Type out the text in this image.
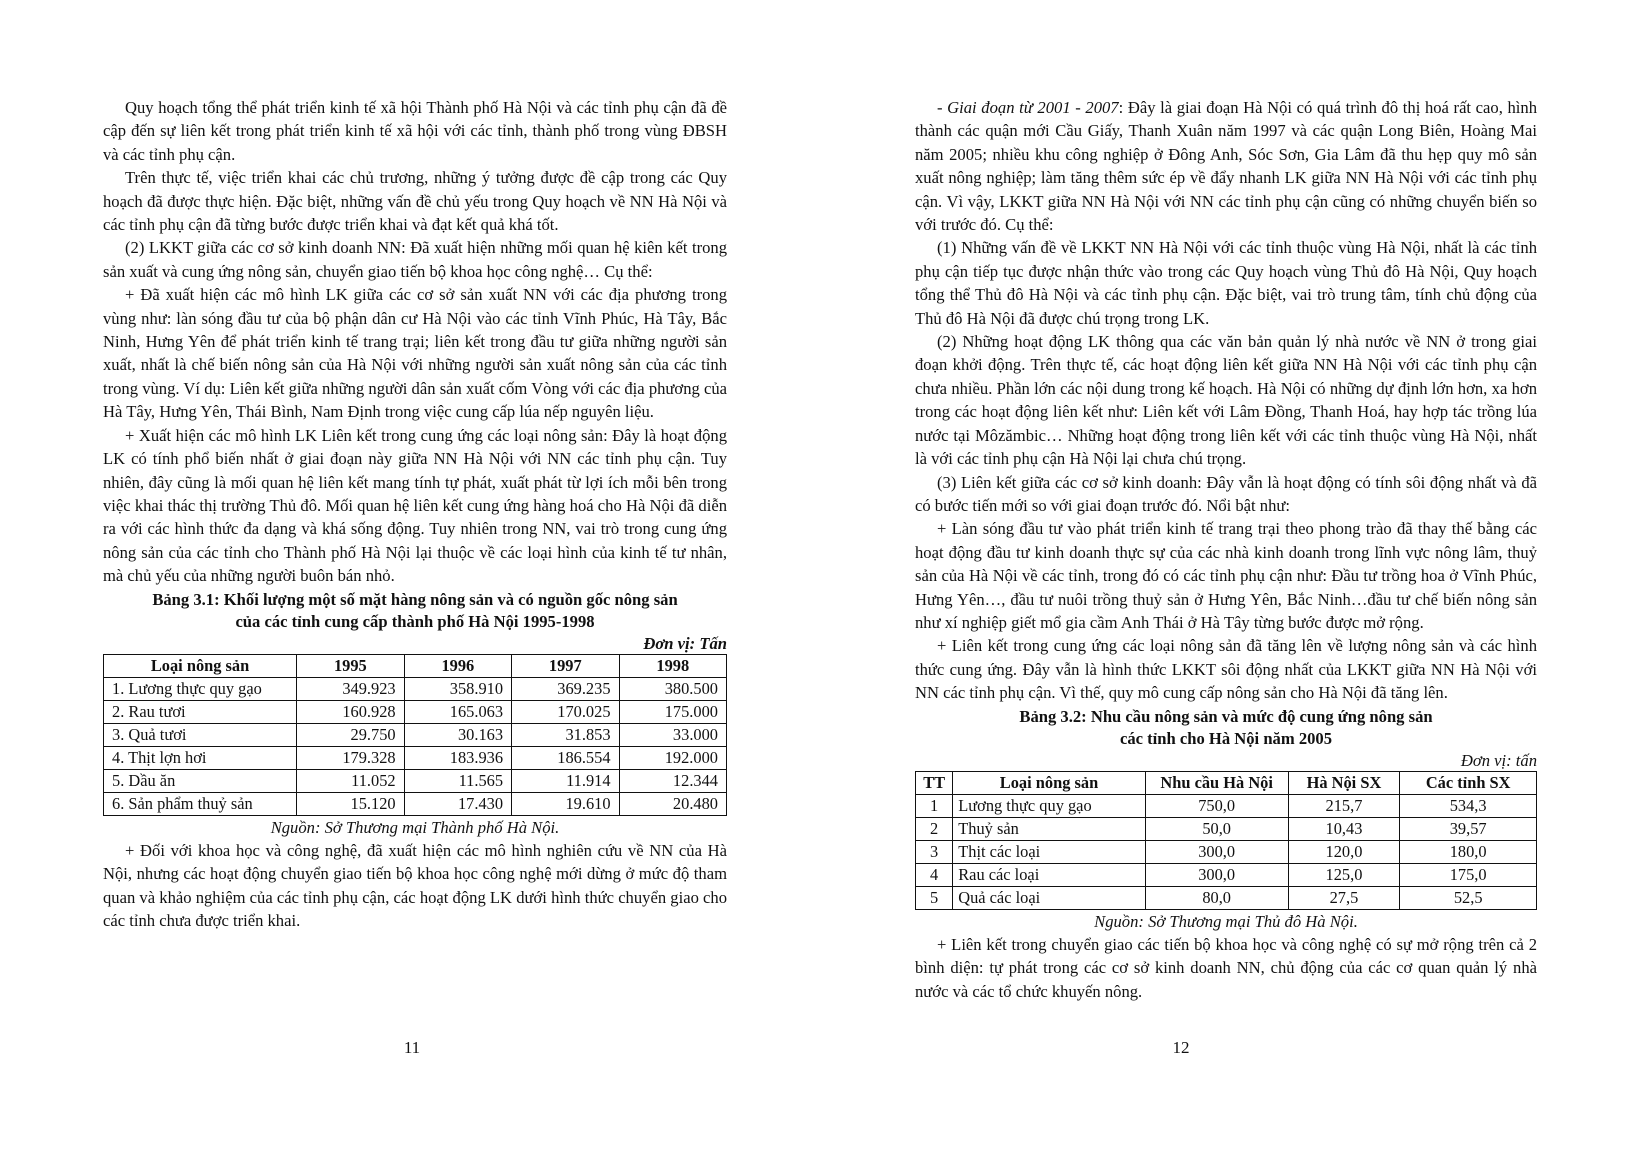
Quy hoạch tổng thể phát triển kinh tế xã hội Thành phố Hà Nội và các tỉnh phụ cận đã đề cập đến sự liên kết trong phát triển kinh tế xã hội với các tỉnh, thành phố trong vùng ĐBSH và các tỉnh phụ cận.

Trên thực tế, việc triển khai các chủ trương, những ý tưởng được đề cập trong các Quy hoạch đã được thực hiện. Đặc biệt, những vấn đề chủ yếu trong Quy hoạch về NN Hà Nội và các tỉnh phụ cận đã từng bước được triển khai và đạt kết quả khá tốt.

(2) LKKT giữa các cơ sở kinh doanh NN: Đã xuất hiện những mối quan hệ kiên kết trong sản xuất và cung ứng nông sản, chuyển giao tiến bộ khoa học công nghệ… Cụ thể:

+ Đã xuất hiện các mô hình LK giữa các cơ sở sản xuất NN với các địa phương trong vùng như: làn sóng đầu tư của bộ phận dân cư Hà Nội vào các tỉnh Vĩnh Phúc, Hà Tây, Bắc Ninh, Hưng Yên để phát triển kinh tế trang trại; liên kết trong đầu tư giữa những người sản xuất, nhất là chế biến nông sản của Hà Nội với những người sản xuất nông sản của các tỉnh trong vùng. Ví dụ: Liên kết giữa những người dân sản xuất cốm Vòng với các địa phương của Hà Tây, Hưng Yên, Thái Bình, Nam Định trong việc cung cấp lúa nếp nguyên liệu.

+ Xuất hiện các mô hình LK Liên kết trong cung ứng các loại nông sản: Đây là hoạt động LK có tính phổ biến nhất ở giai đoạn này giữa NN Hà Nội với NN các tỉnh phụ cận. Tuy nhiên, đây cũng là mối quan hệ liên kết mang tính tự phát, xuất phát từ lợi ích mỗi bên trong việc khai thác thị trường Thủ đô. Mối quan hệ liên kết cung ứng hàng hoá cho Hà Nội đã diễn ra với các hình thức đa dạng và khá sống động. Tuy nhiên trong NN, vai trò trong cung ứng nông sản của các tỉnh cho Thành phố Hà Nội lại thuộc về các loại hình của kinh tế tư nhân, mà chủ yếu của những người buôn bán nhỏ.

Bảng 3.1: Khối lượng một số mặt hàng nông sản và có nguồn gốc nông sản
của các tỉnh cung cấp thành phố Hà Nội 1995-1998

Đơn vị: Tấn

Loại nông sản	1995	1996	1997	1998
1. Lương thực quy gạo	349.923	358.910	369.235	380.500
2. Rau tươi	160.928	165.063	170.025	175.000
3. Quả tươi	29.750	30.163	31.853	33.000
4. Thịt lợn hơi	179.328	183.936	186.554	192.000
5. Dầu ăn	11.052	11.565	11.914	12.344
6. Sản phẩm thuỷ sản	15.120	17.430	19.610	20.480

Nguồn: Sở Thương mại Thành phố Hà Nội.

+ Đối với khoa học và công nghệ, đã xuất hiện các mô hình nghiên cứu về NN của Hà Nội, nhưng các hoạt động chuyển giao tiến bộ khoa học công nghệ mới dừng ở mức độ tham quan và khảo nghiệm của các tỉnh phụ cận, các hoạt động LK dưới hình thức chuyển giao cho các tỉnh chưa được triển khai.

11

- Giai đoạn từ 2001 - 2007: Đây là giai đoạn Hà Nội có quá trình đô thị hoá rất cao, hình thành các quận mới Cầu Giấy, Thanh Xuân năm 1997 và các quận Long Biên, Hoàng Mai năm 2005; nhiều khu công nghiệp ở Đông Anh, Sóc Sơn, Gia Lâm đã thu hẹp quy mô sản xuất nông nghiệp; làm tăng thêm sức ép về đẩy nhanh LK giữa NN Hà Nội với các tỉnh phụ cận. Vì vậy, LKKT giữa NN Hà Nội với NN các tỉnh phụ cận cũng có những chuyển biến so với trước đó. Cụ thể:

(1) Những vấn đề về LKKT NN Hà Nội với các tỉnh thuộc vùng Hà Nội, nhất là các tỉnh phụ cận tiếp tục được nhận thức vào trong các Quy hoạch vùng Thủ đô Hà Nội, Quy hoạch tổng thể Thủ đô Hà Nội và các tỉnh phụ cận. Đặc biệt, vai trò trung tâm, tính chủ động của Thủ đô Hà Nội đã được chú trọng trong LK.

(2) Những hoạt động LK thông qua các văn bản quản lý nhà nước về NN ở trong giai đoạn khởi động. Trên thực tế, các hoạt động liên kết giữa NN Hà Nội với các tỉnh phụ cận chưa nhiều. Phần lớn các nội dung trong kế hoạch. Hà Nội có những dự định lớn hơn, xa hơn trong các hoạt động liên kết như: Liên kết với Lâm Đồng, Thanh Hoá, hay hợp tác trồng lúa nước tại Môzămbic… Những hoạt động trong liên kết với các tỉnh thuộc vùng Hà Nội, nhất là với các tỉnh phụ cận Hà Nội lại chưa chú trọng.

(3) Liên kết giữa các cơ sở kinh doanh: Đây vẫn là hoạt động có tính sôi động nhất và đã có bước tiến mới so với giai đoạn trước đó. Nổi bật như:

+ Làn sóng đầu tư vào phát triển kinh tế trang trại theo phong trào đã thay thế bằng các hoạt động đầu tư kinh doanh thực sự của các nhà kinh doanh trong lĩnh vực nông lâm, thuỷ sản của Hà Nội về các tỉnh, trong đó có các tỉnh phụ cận như: Đầu tư trồng hoa ở Vĩnh Phúc, Hưng Yên…, đầu tư nuôi trồng thuỷ sản ở Hưng Yên, Bắc Ninh…đầu tư chế biến nông sản như xí nghiệp giết mổ gia cầm Anh Thái ở Hà Tây từng bước được mở rộng.

+ Liên kết trong cung ứng các loại nông sản đã tăng lên về lượng nông sản và các hình thức cung ứng. Đây vẫn là hình thức LKKT sôi động nhất của LKKT giữa NN Hà Nội với NN các tỉnh phụ cận. Vì thế, quy mô cung cấp nông sản cho Hà Nội đã tăng lên.

Bảng 3.2: Nhu cầu nông sản và mức độ cung ứng nông sản
các tỉnh cho Hà Nội năm 2005

Đơn vị: tấn

TT	Loại nông sản	Nhu cầu Hà Nội	Hà Nội SX	Các tỉnh SX
1	Lương thực quy gạo	750,0	215,7	534,3
2	Thuỷ sản	50,0	10,43	39,57
3	Thịt các loại	300,0	120,0	180,0
4	Rau các loại	300,0	125,0	175,0
5	Quả các loại	80,0	27,5	52,5

Nguồn: Sở Thương mại Thủ đô Hà Nội.

+ Liên kết trong chuyển giao các tiến bộ khoa học và công nghệ có sự mở rộng trên cả 2 bình diện: tự phát trong các cơ sở kinh doanh NN, chủ động của các cơ quan quản lý nhà nước và các tổ chức khuyến nông.

12
